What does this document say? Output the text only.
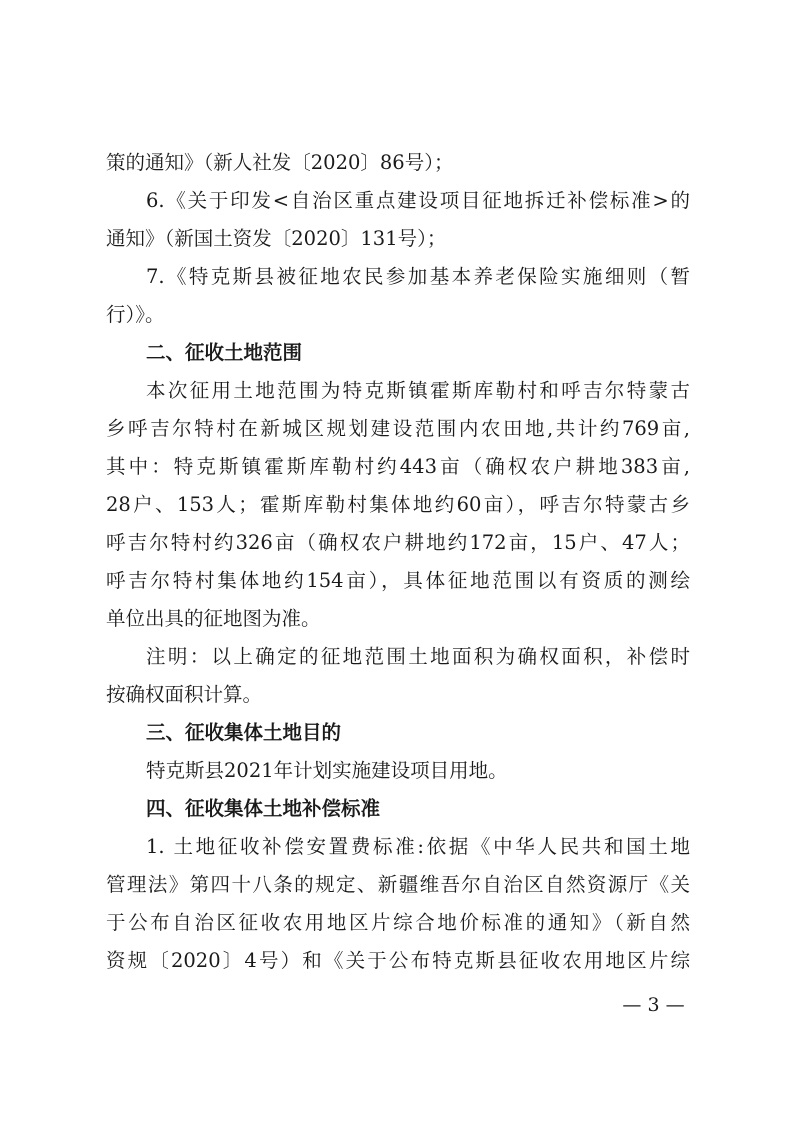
策的通知》（新人社发〔2020〕86号）；
6.《关于印发<自治区重点建设项目征地拆迁补偿标准>的
通知》（新国土资发〔2020〕131号）；
7.《特克斯县被征地农民参加基本养老保险实施细则（暂
行）》。
二、征收土地范围
本次征用土地范围为特克斯镇霍斯库勒村和呼吉尔特蒙古
乡呼吉尔特村在新城区规划建设范围内农田地,共计约769亩,
其中：特克斯镇霍斯库勒村约443亩（确权农户耕地383亩,
28户、153人；霍斯库勒村集体地约60亩），呼吉尔特蒙古乡
呼吉尔特村约326亩（确权农户耕地约172亩，15户、47人；
呼吉尔特村集体地约154亩），具体征地范围以有资质的测绘
单位出具的征地图为准。
注明：以上确定的征地范围土地面积为确权面积，补偿时
按确权面积计算。
三、征收集体土地目的
特克斯县2021年计划实施建设项目用地。
四、征收集体土地补偿标准
1. 土地征收补偿安置费标准:依据《中华人民共和国土地
管理法》第四十八条的规定、新疆维吾尔自治区自然资源厅《关
于公布自治区征收农用地区片综合地价标准的通知》（新自然
资规〔2020〕4号）和《关于公布特克斯县征收农用地区片综
— 3 —
